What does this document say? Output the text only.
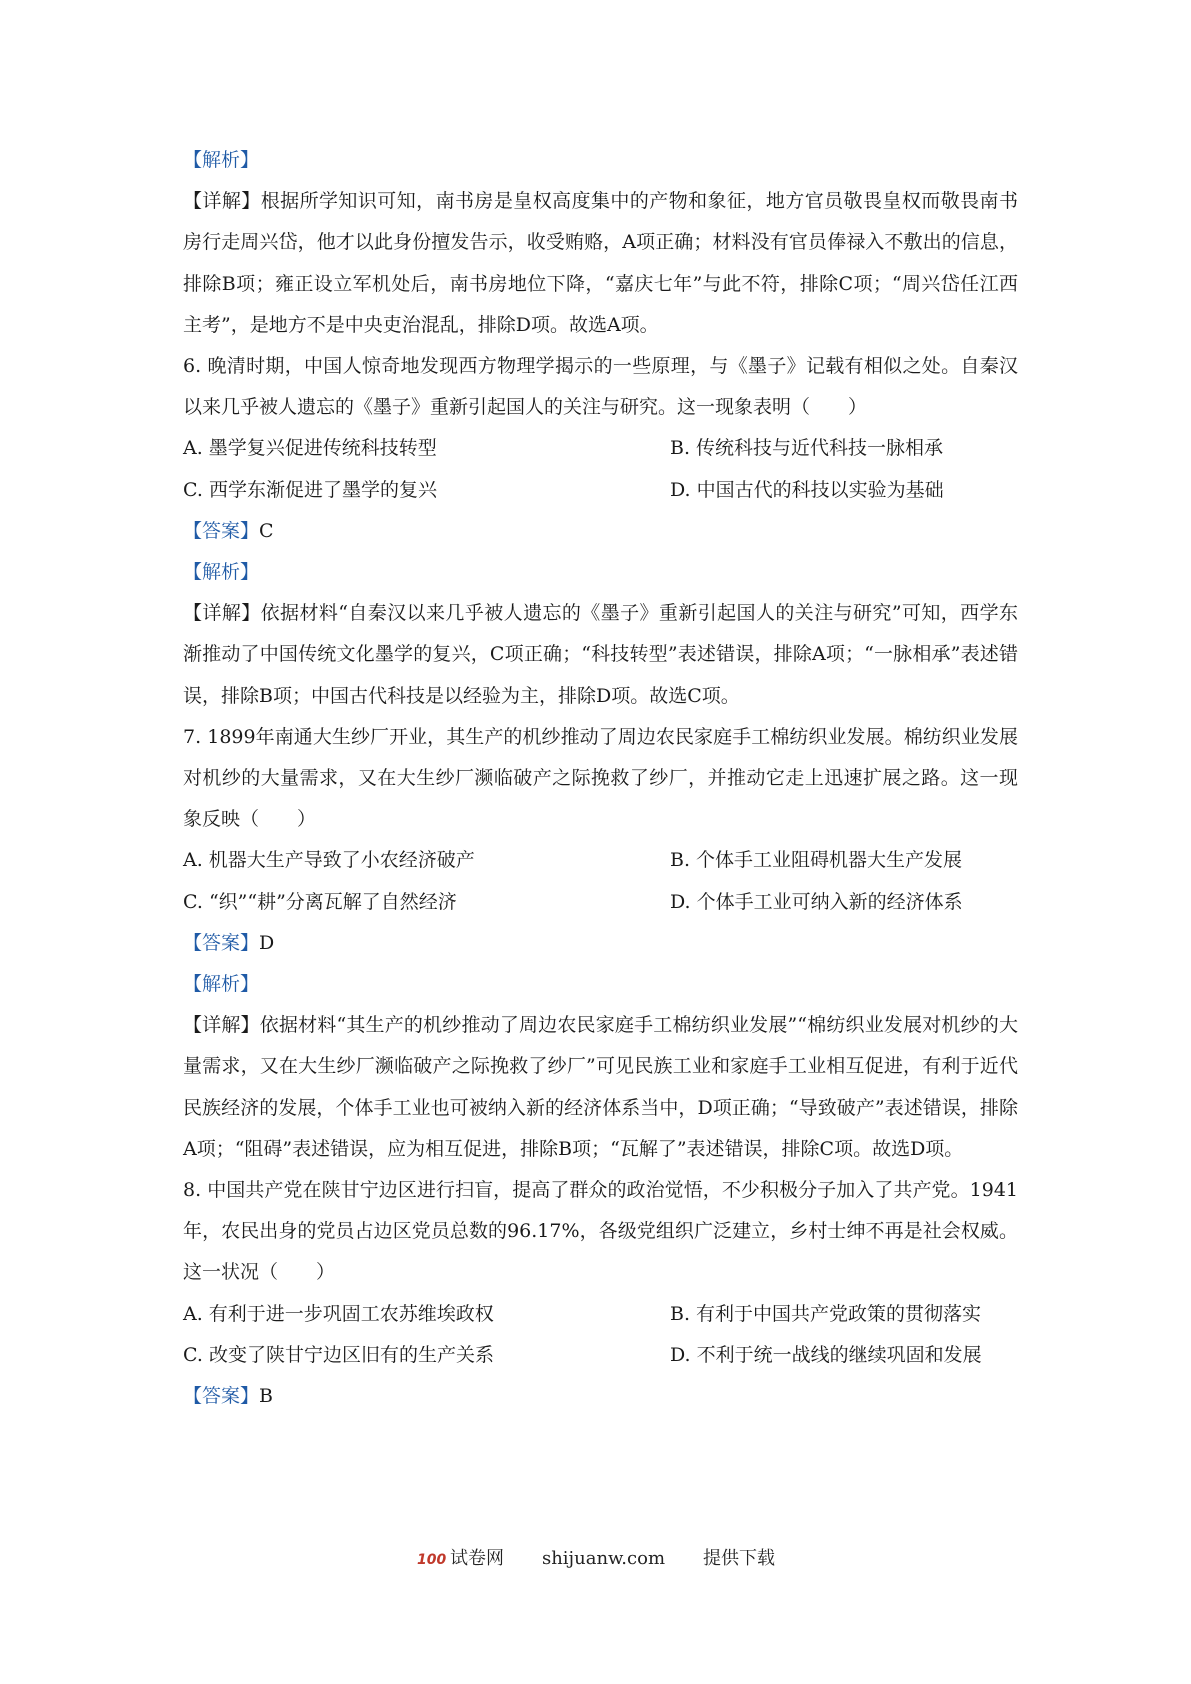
【解析】
【详解】根据所学知识可知，南书房是皇权高度集中的产物和象征，地方官员敬畏皇权而敬畏南书房行走周兴岱，他才以此身份擅发告示，收受贿赂，A项正确；材料没有官员俸禄入不敷出的信息，排除B项；雍正设立军机处后，南书房地位下降，“嘉庆七年”与此不符，排除C项；“周兴岱任江西主考”，是地方不是中央吏治混乱，排除D项。故选A项。
6. 晚清时期，中国人惊奇地发现西方物理学揭示的一些原理，与《墨子》记载有相似之处。自秦汉以来几乎被人遗忘的《墨子》重新引起国人的关注与研究。这一现象表明（　　）
A. 墨学复兴促进传统科技转型	B. 传统科技与近代科技一脉相承
C. 西学东渐促进了墨学的复兴	D. 中国古代的科技以实验为基础
【答案】C
【解析】
【详解】依据材料“自秦汉以来几乎被人遗忘的《墨子》重新引起国人的关注与研究”可知，西学东渐推动了中国传统文化墨学的复兴，C项正确；“科技转型”表述错误，排除A项；“一脉相承”表述错误，排除B项；中国古代科技是以经验为主，排除D项。故选C项。
7. 1899年南通大生纱厂开业，其生产的机纱推动了周边农民家庭手工棉纺织业发展。棉纺织业发展对机纱的大量需求，又在大生纱厂濒临破产之际挽救了纱厂，并推动它走上迅速扩展之路。这一现象反映（　　）
A. 机器大生产导致了小农经济破产	B. 个体手工业阻碍机器大生产发展
C. “织”“耕”分离瓦解了自然经济	D. 个体手工业可纳入新的经济体系
【答案】D
【解析】
【详解】依据材料“其生产的机纱推动了周边农民家庭手工棉纺织业发展”“棉纺织业发展对机纱的大量需求，又在大生纱厂濒临破产之际挽救了纱厂”可见民族工业和家庭手工业相互促进，有利于近代民族经济的发展，个体手工业也可被纳入新的经济体系当中，D项正确；“导致破产”表述错误，排除A项；“阻碍”表述错误，应为相互促进，排除B项；“瓦解了”表述错误，排除C项。故选D项。
8. 中国共产党在陕甘宁边区进行扫盲，提高了群众的政治觉悟，不少积极分子加入了共产党。1941年，农民出身的党员占边区党员总数的96.17%，各级党组织广泛建立，乡村士绅不再是社会权威。这一状况（　　）
A. 有利于进一步巩固工农苏维埃政权	B. 有利于中国共产党政策的贯彻落实
C. 改变了陕甘宁边区旧有的生产关系	D. 不利于统一战线的继续巩固和发展
【答案】B
100 试卷网 shijuanw.com 提供下载
